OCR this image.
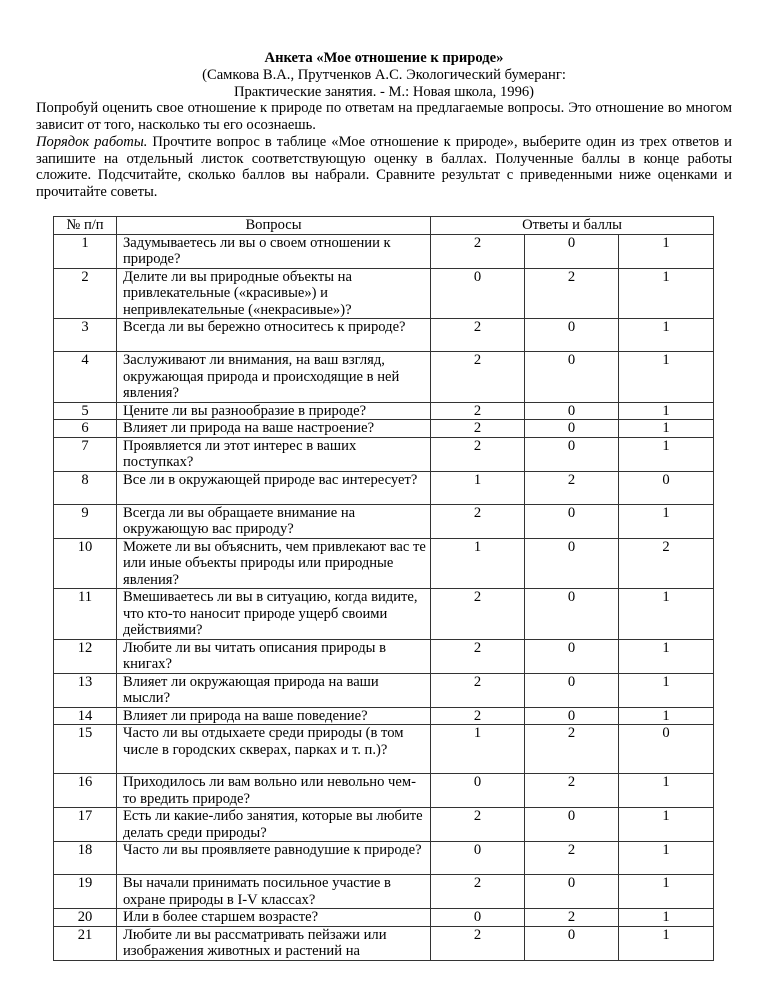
Анкета «Мое отношение к природе»
(Самкова В.А., Прутченков А.С. Экологический бумеранг:
Практические занятия. - М.: Новая школа, 1996)
Попробуй оценить свое отношение к природе по ответам на предлагаемые вопросы. Это отношение во многом зависит от того, насколько ты его осознаешь.
Порядок работы. Прочтите вопрос в таблице «Мое отношение к природе», выберите один из трех ответов и запишите на отдельный листок соответствующую оценку в баллах. Полученные баллы в конце работы сложите. Подсчитайте, сколько баллов вы набрали. Сравните результат с приведенными ниже оценками и прочитайте советы.
№ п/п	Вопросы	Ответы и баллы		
1	Задумываетесь ли вы о своем отношении к природе?	2	0	1
2	Делите ли вы природные объекты на привлекательные («красивые») и непривлекательные («некрасивые»)?	0	2	1
3	Всегда ли вы бережно относитесь к природе?	2	0	1
4	Заслуживают ли внимания, на ваш взгляд, окружающая природа и происходящие в ней явления?	2	0	1
5	Цените ли вы разнообразие в природе?	2	0	1
6	Влияет ли природа на ваше настроение?	2	0	1
7	Проявляется ли этот интерес в ваших поступках?	2	0	1
8	Все ли в окружающей природе вас интересует?	1	2	0
9	Всегда ли вы обращаете внимание на окружающую вас природу?	2	0	1
10	Можете ли вы объяснить, чем привлекают вас те или иные объекты природы или природные явления?	1	0	2
11	Вмешиваетесь ли вы в ситуацию, когда видите, что кто-то наносит природе ущерб своими действиями?	2	0	1
12	Любите ли вы читать описания природы в книгах?	2	0	1
13	Влияет ли окружающая природа на ваши мысли?	2	0	1
14	Влияет ли природа на ваше поведение?	2	0	1
15	Часто ли вы отдыхаете среди природы (в том числе в городских скверах, парках и т. п.)?	1	2	0
16	Приходилось ли вам вольно или невольно чем-то вредить природе?	0	2	1
17	Есть ли какие-либо занятия, которые вы любите делать среди природы?	2	0	1
18	Часто ли вы проявляете равнодушие к природе?	0	2	1
19	Вы начали принимать посильное участие в охране природы в I-V классах?	2	0	1
20	Или в более старшем возрасте?	0	2	1
21	Любите ли вы рассматривать пейзажи или изображения животных и растений на	2	0	1
